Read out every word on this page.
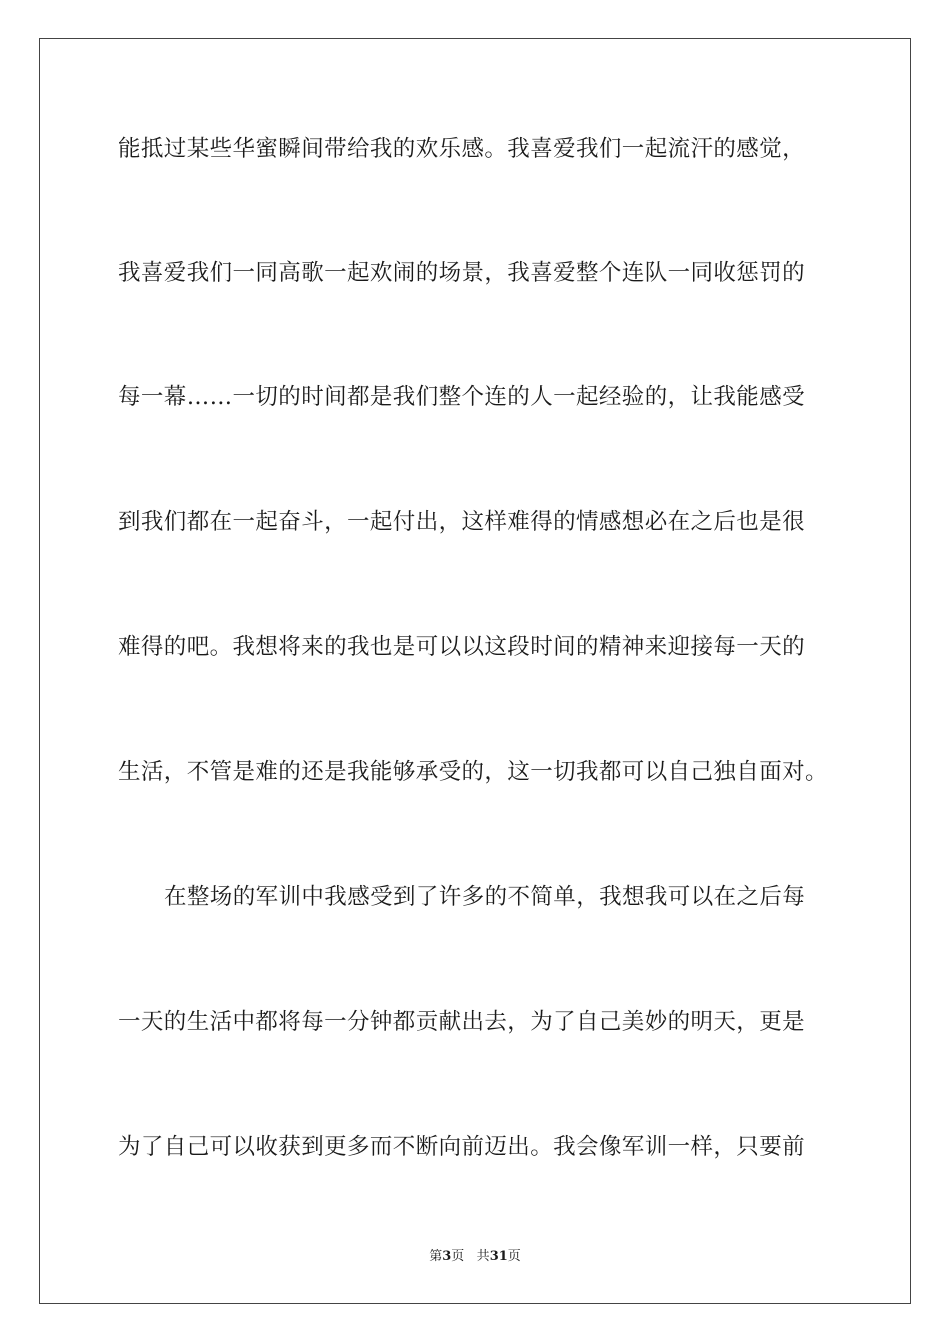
能抵过某些华蜜瞬间带给我的欢乐感。我喜爱我们一起流汗的感觉，
我喜爱我们一同高歌一起欢闹的场景，我喜爱整个连队一同收惩罚的
每一幕……一切的时间都是我们整个连的人一起经验的，让我能感受
到我们都在一起奋斗，一起付出，这样难得的情感想必在之后也是很
难得的吧。我想将来的我也是可以以这段时间的精神来迎接每一天的
生活，不管是难的还是我能够承受的，这一切我都可以自己独自面对。
在整场的军训中我感受到了许多的不简单，我想我可以在之后每
一天的生活中都将每一分钟都贡献出去，为了自己美妙的明天，更是
为了自己可以收获到更多而不断向前迈出。我会像军训一样，只要前
第3页 共31页
